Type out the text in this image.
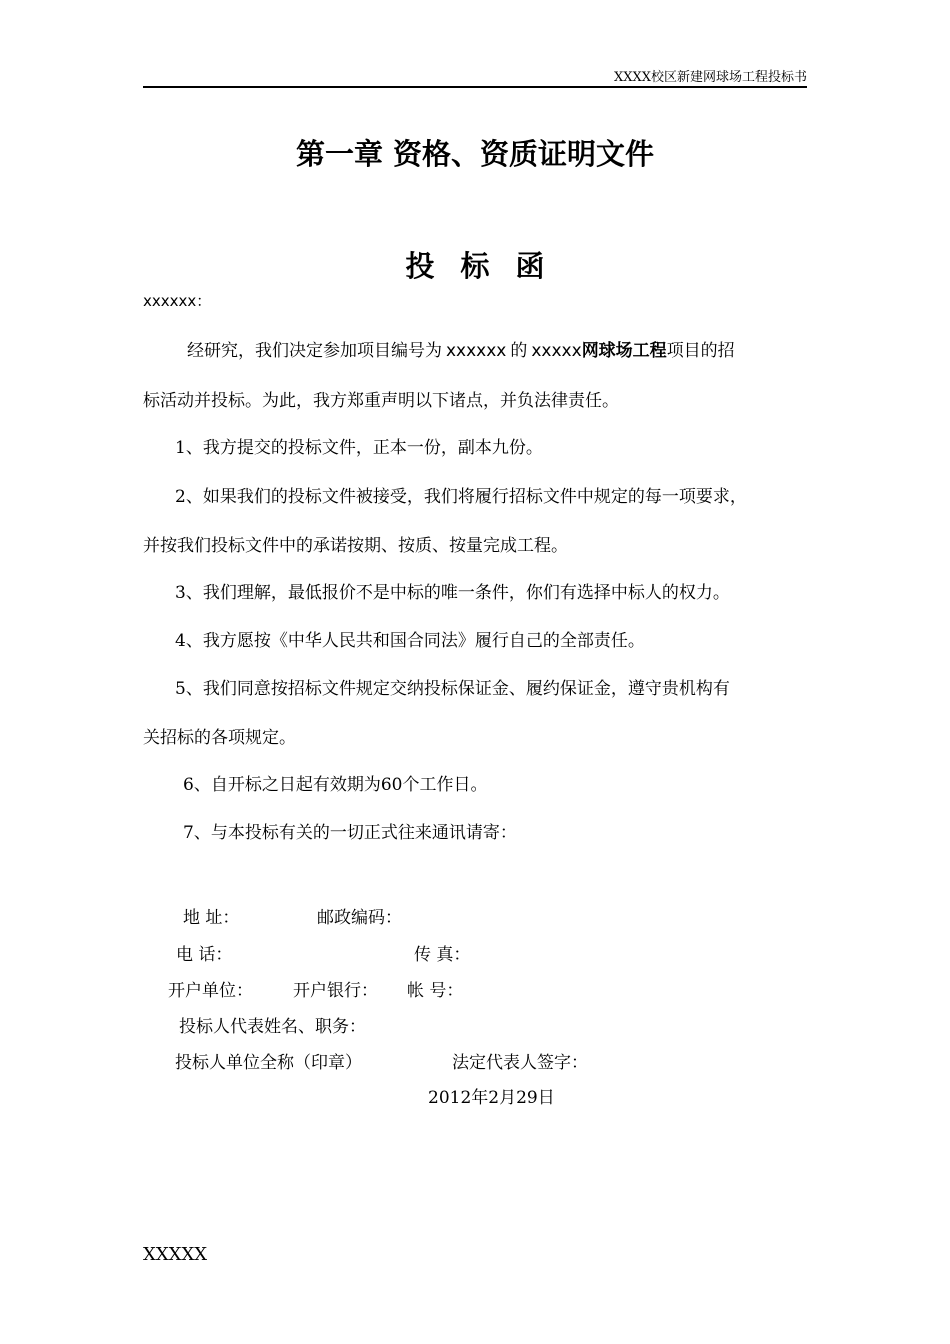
XXXX校区新建网球场工程投标书
第一章 资格、资质证明文件
投标函
xxxxxx：
经研究，我们决定参加项目编号为 xxxxxx 的 xxxxx网球场工程项目的招
标活动并投标。为此，我方郑重声明以下诸点，并负法律责任。
1、我方提交的投标文件，正本一份，副本九份。
2、如果我们的投标文件被接受，我们将履行招标文件中规定的每一项要求，
并按我们投标文件中的承诺按期、按质、按量完成工程。
3、我们理解，最低报价不是中标的唯一条件，你们有选择中标人的权力。
4、我方愿按《中华人民共和国合同法》履行自己的全部责任。
5、我们同意按招标文件规定交纳投标保证金、履约保证金，遵守贵机构有
关招标的各项规定。
6、自开标之日起有效期为60个工作日。
7、与本投标有关的一切正式往来通讯请寄：
地 址：	邮政编码：
电 话：	传 真：
开户单位： 开户银行： 帐 号：
投标人代表姓名、职务：
投标人单位全称（印章）	法定代表人签字：
2012年2月29日
XXXXX
